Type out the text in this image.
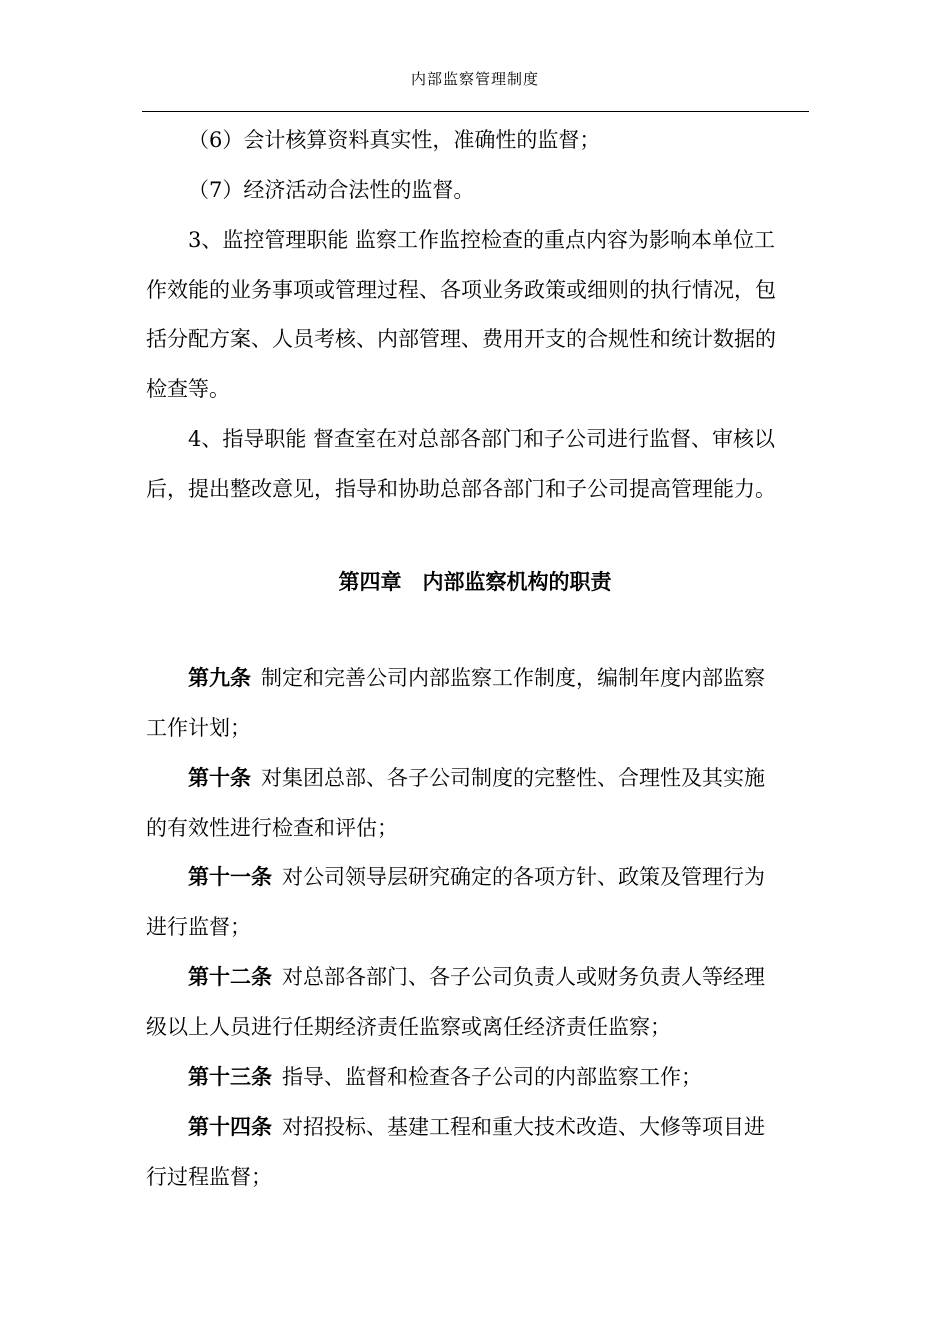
内部监察管理制度
（6）会计核算资料真实性，准确性的监督；
（7）经济活动合法性的监督。
3、监控管理职能 监察工作监控检查的重点内容为影响本单位工
作效能的业务事项或管理过程、各项业务政策或细则的执行情况，包
括分配方案、人员考核、内部管理、费用开支的合规性和统计数据的
检查等。
4、指导职能 督查室在对总部各部门和子公司进行监督、审核以
后，提出整改意见，指导和协助总部各部门和子公司提高管理能力。
第四章　内部监察机构的职责
第九条 制定和完善公司内部监察工作制度，编制年度内部监察
工作计划；
第十条 对集团总部、各子公司制度的完整性、合理性及其实施
的有效性进行检查和评估；
第十一条 对公司领导层研究确定的各项方针、政策及管理行为
进行监督；
第十二条 对总部各部门、各子公司负责人或财务负责人等经理
级以上人员进行任期经济责任监察或离任经济责任监察；
第十三条 指导、监督和检查各子公司的内部监察工作；
第十四条 对招投标、基建工程和重大技术改造、大修等项目进
行过程监督；
